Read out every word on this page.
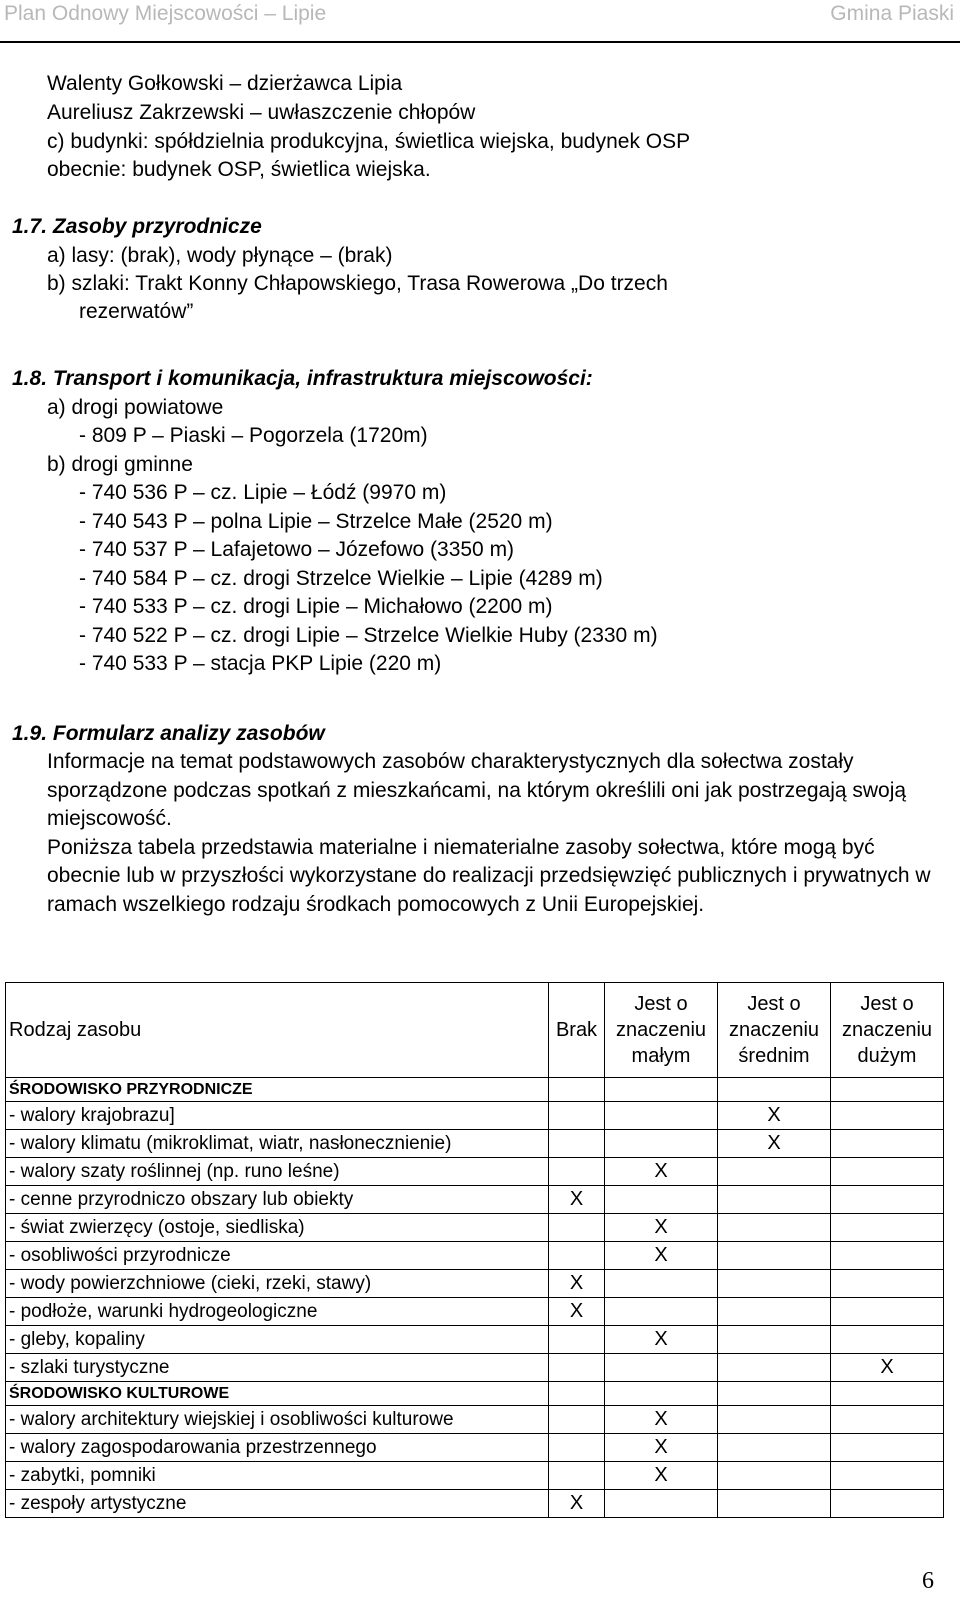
Plan Odnowy Miejscowości – Lipie	Gmina Piaski
Walenty Gołkowski – dzierżawca Lipia
Aureliusz Zakrzewski – uwłaszczenie chłopów
c) budynki: spółdzielnia produkcyjna, świetlica wiejska, budynek OSP
obecnie: budynek OSP, świetlica wiejska.
1.7. Zasoby przyrodnicze
a) lasy: (brak), wody płynące – (brak)
b) szlaki: Trakt Konny Chłapowskiego, Trasa Rowerowa „Do trzech
rezerwatów”
1.8. Transport i komunikacja, infrastruktura miejscowości:
a) drogi powiatowe
- 809 P – Piaski – Pogorzela (1720m)
b) drogi gminne
- 740 536 P – cz. Lipie – Łódź (9970 m)
- 740 543 P – polna Lipie – Strzelce Małe (2520 m)
- 740 537 P – Lafajetowo – Józefowo (3350 m)
- 740 584 P – cz. drogi Strzelce Wielkie – Lipie (4289 m)
- 740 533 P – cz. drogi Lipie – Michałowo (2200 m)
- 740 522 P – cz. drogi Lipie – Strzelce Wielkie Huby (2330 m)
- 740 533 P – stacja PKP Lipie (220 m)
1.9. Formularz analizy zasobów

Informacje na temat podstawowych zasobów charakterystycznych dla sołectwa zostały sporządzone podczas spotkań z mieszkańcami, na którym określili oni jak postrzegają swoją miejscowość.

Poniższa tabela przedstawia materialne i niematerialne zasoby sołectwa, które mogą być obecnie lub w przyszłości wykorzystane do realizacji przedsięwzięć publicznych i prywatnych w ramach wszelkiego rodzaju środkach pomocowych z Unii Europejskiej.

Rodzaj zasobu	Brak	Jest o znaczeniu małym	Jest o znaczeniu średnim	Jest o znaczeniu dużym
ŚRODOWISKO PRZYRODNICZE				
- walory krajobrazu]			X	
- walory klimatu (mikroklimat, wiatr, nasłonecznienie)			X	
- walory szaty roślinnej (np. runo leśne)		X		
- cenne przyrodniczo obszary lub obiekty	X			
- świat zwierzęcy (ostoje, siedliska)		X		
- osobliwości przyrodnicze		X		
- wody powierzchniowe (cieki, rzeki, stawy)	X			
- podłoże, warunki hydrogeologiczne	X			
- gleby, kopaliny		X		
- szlaki turystyczne				X
ŚRODOWISKO KULTUROWE				
- walory architektury wiejskiej i osobliwości kulturowe		X		
- walory zagospodarowania przestrzennego		X		
- zabytki, pomniki		X		
- zespoły artystyczne	X			
6
